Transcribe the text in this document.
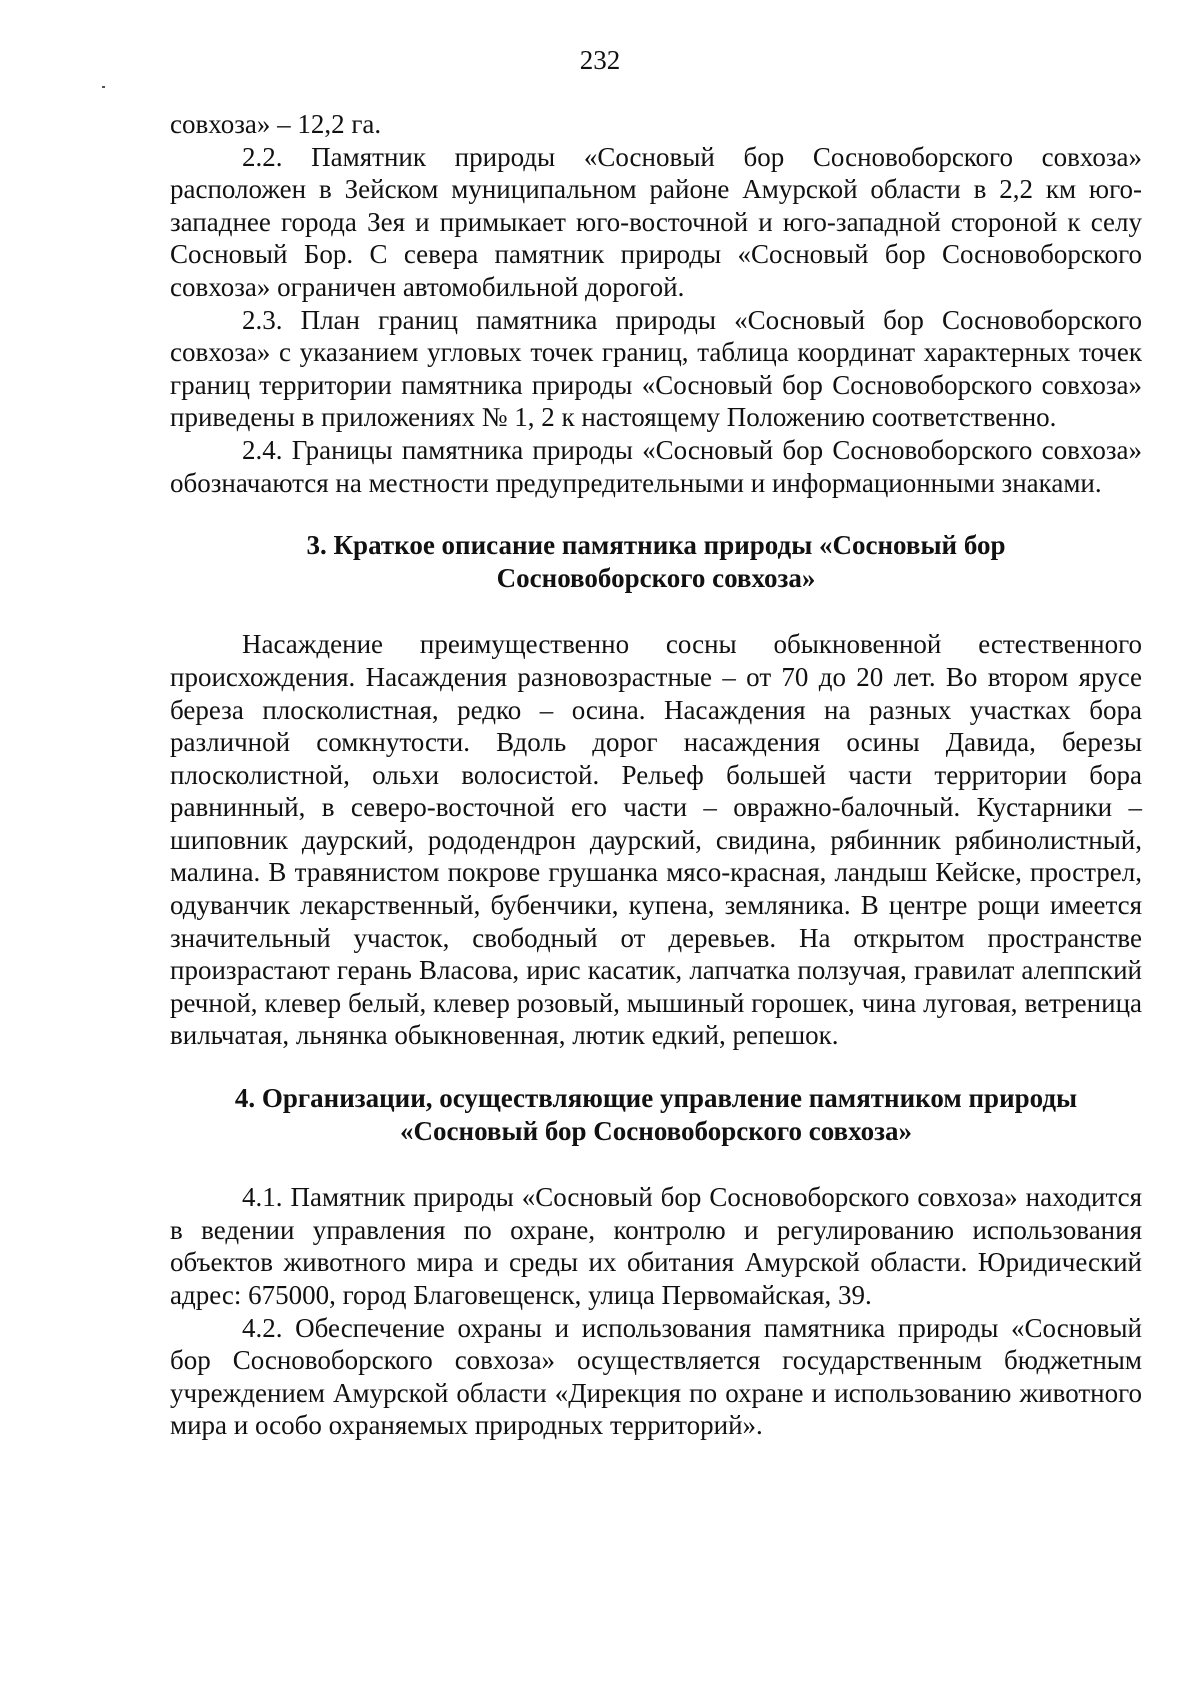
232

совхоза» – 12,2 га.

2.2. Памятник природы «Сосновый бор Сосновоборского совхоза» расположен в Зейском муниципальном районе Амурской области в 2,2 км юго-западнее города Зея и примыкает юго-восточной и юго-западной стороной к селу Сосновый Бор. С севера памятник природы «Сосновый бор Сосновоборского совхоза» ограничен автомобильной дорогой.

2.3. План границ памятника природы «Сосновый бор Сосновоборского совхоза» с указанием угловых точек границ, таблица координат характерных точек границ территории памятника природы «Сосновый бор Сосновоборского совхоза» приведены в приложениях № 1, 2 к настоящему Положению соответственно.

2.4. Границы памятника природы «Сосновый бор Сосновоборского совхоза» обозначаются на местности предупредительными и информационными знаками.

3. Краткое описание памятника природы «Сосновый бор
Сосновоборского совхоза»

Насаждение преимущественно сосны обыкновенной естественного происхождения. Насаждения разновозрастные – от 70 до 20 лет. Во втором ярусе береза плосколистная, редко – осина. Насаждения на разных участках бора различной сомкнутости. Вдоль дорог насаждения осины Давида, березы плосколистной, ольхи волосистой. Рельеф большей части территории бора равнинный, в северо-восточной его части – овражно-балочный. Кустарники – шиповник даурский, рододендрон даурский, свидина, рябинник рябинолистный, малина. В травянистом покрове грушанка мясо-красная, ландыш Кейске, прострел, одуванчик лекарственный, бубенчики, купена, земляника. В центре рощи имеется значительный участок, свободный от деревьев. На открытом пространстве произрастают герань Власова, ирис касатик, лапчатка ползучая, гравилат алеппский речной, клевер белый, клевер розовый, мышиный горошек, чина луговая, ветреница вильчатая, льнянка обыкновенная, лютик едкий, репешок.

4. Организации, осуществляющие управление памятником природы
«Сосновый бор Сосновоборского совхоза»

4.1. Памятник природы «Сосновый бор Сосновоборского совхоза» находится в ведении управления по охране, контролю и регулированию использования объектов животного мира и среды их обитания Амурской области. Юридический адрес: 675000, город Благовещенск, улица Первомайская, 39.

4.2. Обеспечение охраны и использования памятника природы «Сосновый бор Сосновоборского совхоза» осуществляется государственным бюджетным учреждением Амурской области «Дирекция по охране и использованию животного мира и особо охраняемых природных территорий».
